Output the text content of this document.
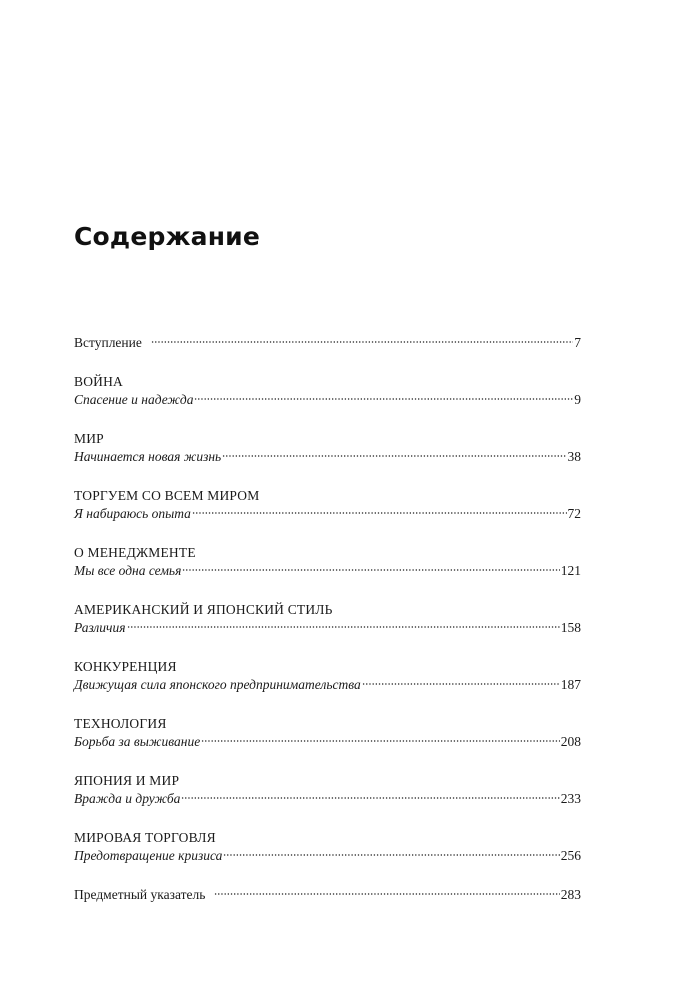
Содержание
Вступление	7
ВОЙНА
Спасение и надежда	9
МИР
Начинается новая жизнь	38
ТОРГУЕМ СО ВСЕМ МИРОМ
Я набираюсь опыта	72
О МЕНЕДЖМЕНТЕ
Мы все одна семья	121
АМЕРИКАНСКИЙ И ЯПОНСКИЙ СТИЛЬ
Различия	158
КОНКУРЕНЦИЯ
Движущая сила японского предпринимательства	187
ТЕХНОЛОГИЯ
Борьба за выживание	208
ЯПОНИЯ И МИР
Вражда и дружба	233
МИРОВАЯ ТОРГОВЛЯ
Предотвращение кризиса	256
Предметный указатель	283
